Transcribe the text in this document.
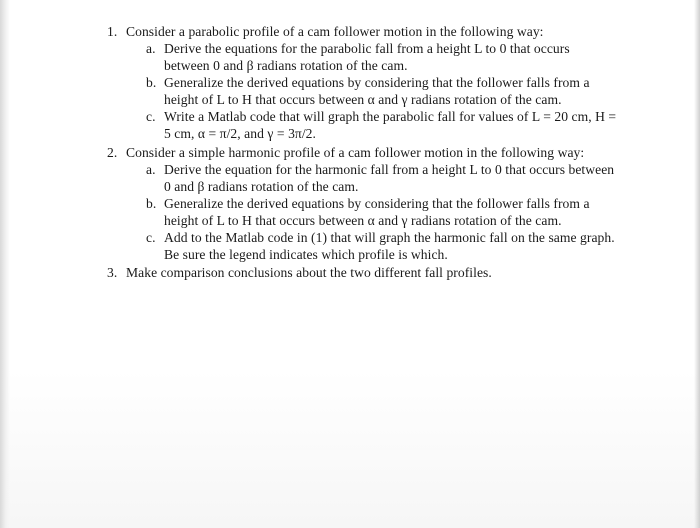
1. Consider a parabolic profile of a cam follower motion in the following way:
a. Derive the equations for the parabolic fall from a height L to 0 that occurs
between 0 and β radians rotation of the cam.
b. Generalize the derived equations by considering that the follower falls from a
height of L to H that occurs between α and γ radians rotation of the cam.
c. Write a Matlab code that will graph the parabolic fall for values of L = 20 cm, H =
5 cm, α = π/2, and γ = 3π/2.
2. Consider a simple harmonic profile of a cam follower motion in the following way:
a. Derive the equation for the harmonic fall from a height L to 0 that occurs between
0 and β radians rotation of the cam.
b. Generalize the derived equations by considering that the follower falls from a
height of L to H that occurs between α and γ radians rotation of the cam.
c. Add to the Matlab code in (1) that will graph the harmonic fall on the same graph.
Be sure the legend indicates which profile is which.
3. Make comparison conclusions about the two different fall profiles.
